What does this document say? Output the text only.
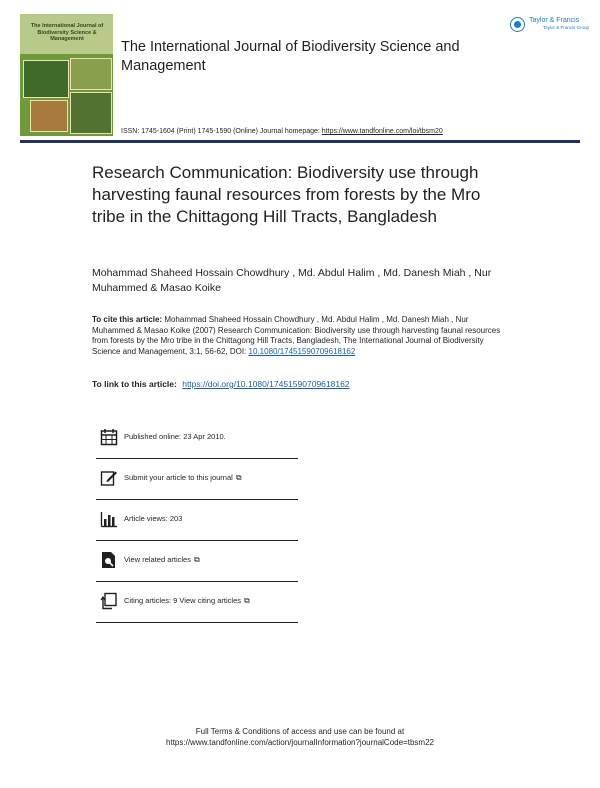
The International Journal of Biodiversity Science & Management	The International Journal of Biodiversity Science and Management
ISSN: 1745-1604 (Print) 1745-1590 (Online) Journal homepage: https://www.tandfonline.com/loi/tbsm20
Taylor & Francis
Taylor & Francis Group
Research Communication: Biodiversity use through harvesting faunal resources from forests by the Mro tribe in the Chittagong Hill Tracts, Bangladesh
Mohammad Shaheed Hossain Chowdhury , Md. Abdul Halim , Md. Danesh Miah , Nur Muhammed & Masao Koike
To cite this article: Mohammad Shaheed Hossain Chowdhury , Md. Abdul Halim , Md. Danesh Miah , Nur Muhammed & Masao Koike (2007) Research Communication: Biodiversity use through harvesting faunal resources from forests by the Mro tribe in the Chittagong Hill Tracts, Bangladesh, The International Journal of Biodiversity Science and Management, 3:1, 56-62, DOI: 10.1080/17451590709618162
To link to this article: https://doi.org/10.1080/17451590709618162
Published online: 23 Apr 2010.
Submit your article to this journal ⧉
Article views: 203
View related articles ⧉
Citing articles: 9 View citing articles ⧉
Full Terms & Conditions of access and use can be found at
https://www.tandfonline.com/action/journalInformation?journalCode=tbsm22
